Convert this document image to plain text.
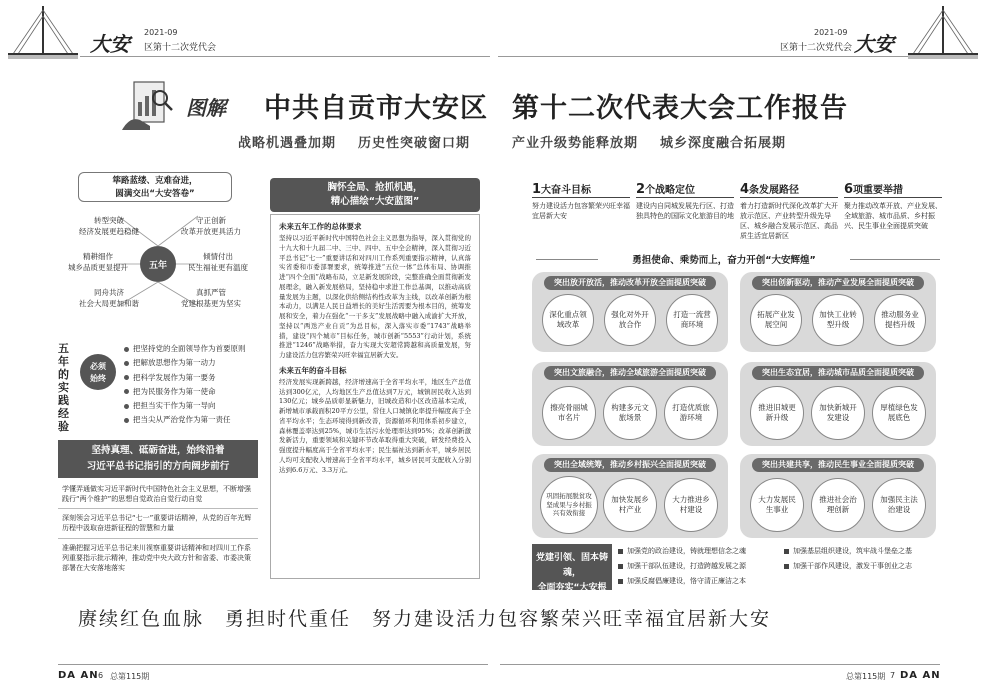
大安 2021-09
区第十二次党代会
2021-09
区第十二次党代会 大安
图解 中共自贡市大安区 第十二次代表大会工作报告
战略机遇叠加期 历史性突破窗口期	产业升级势能释放期 城乡深度融合拓展期
筚路蓝缕、克难奋进，
圆满交出“大安答卷”
五年
转型突破
经济发展更趋稳健
守正创新
改革开放更具活力
精耕细作
城乡品质更显提升
倾情付出
民生福祉更有温度
同舟共济
社会大局更加和谐
真抓严管
党建根基更为坚实
五年的实践经验
必须
始终
把坚持党的全面领导作为首要原则
把解放思想作为第一动力
把科学发展作为第一要务
把为民服务作为第一使命
把担当实干作为第一导向
把当尖从严治党作为第一责任
坚持真理、砥砺奋进，始终沿着
习近平总书记指引的方向阔步前行
学懂弄通做实习近平新时代中国特色社会主义思想，不断增强践行“两个维护”的思想自觉政治自觉行动自觉
深刻领会习近平总书记“七一”重要讲话精神，从党的百年光辉历程中汲取奋进新征程的智慧和力量
准确把握习近平总书记来川视察重要讲话精神和对四川工作系列重要指示批示精神，推动党中央大政方针和省委、市委决策部署在大安落地落实
胸怀全局、抢抓机遇，
精心描绘“大安蓝图”
未来五年工作的总体要求
坚持以习近平新时代中国特色社会主义思想为指导，深入贯彻党的十九大和十九届二中、三中、四中、五中全会精神，深入贯彻习近平总书记“七一”重要讲话和对四川工作系列重要指示精神，认真落实省委和市委部署要求，统筹推进“五位一体”总体布局、协调推进“四个全面”战略布局，立足新发展阶段，完整准确全面贯彻新发展理念，融入新发展格局，坚持稳中求进工作总基调，以推动高质量发展为主题，以深化供给侧结构性改革为主线，以改革创新为根本动力，以满足人民日益增长的美好生活需要为根本目的，统筹发展和安全，着力在强化“一干多支”发展战略中融入成渝扩大开放，坚持以“两迭产业自贡”为总目标，深入落实市委“1743”战略举措，建设“四个城市”目标任务，城市创新“5553”行动计划，系统推进“1246”战略举措，奋力实现大安超常跨越和高质量发展，努力建设活力包容繁荣兴旺幸福宜居新大安。
未来五年的奋斗目标
经济发展实现新跨越，经济增速高于全省平均水平，地区生产总值达到300亿元，人均地区生产总值达到7万元，城镇居民收入达到130亿元；城乡品质彰显新魅力，旧城改造和小区改造基本完成，新增城市承载面积20平方公里，常住人口城镇化率提升幅度高于全省平均水平；生态环境得到新改善，资源循环利用体系初步建立，森林覆盖率达到25%，城市生活污水处理率达到95%；改革创新激发新活力，重要领域和关键环节改革取得重大突破，研发经费投入强度提升幅度高于全省平均水平；民生福祉达到新水平，城乡居民人均可支配收入增速高于全省平均水平，城乡居民可支配收入分别达到6.6万元、3.3万元。
1大奋斗目标
努力建设活力包容繁荣兴旺幸福宜居新大安
2个战略定位
建设内自同城发展先行区、打造独具特色的国际文化旅游目的地
4条发展路径
着力打造新时代深化改革扩大开放示范区、产业转型升级先导区、城乡融合发展示范区、高品质生活宜居新区
6项重要举措
聚力推动改革开放、产业发展、全域旅游、城市品质、乡村振兴、民生事业全面提质突破
勇担使命、乘势而上，奋力开创“大安辉煌”
突出放开放活，推动改革开放全面提质突破
深化重点领域改革
强化对外开放合作
打造一流营商环境
突出创新驱动，推动产业发展全面提质突破
拓展产业发展空间
加快工业转型升级
推动服务业提档升级
突出文旅融合，推动全域旅游全面提质突破
擦亮骨丽城市名片
构建多元文旅场景
打造优质旅游环境
突出生态宜居，推动城市品质全面提质突破
推进旧城更新升级
加快新城开发建设
厚植绿色发展底色
突出全域统筹，推动乡村振兴全面提质突破
巩固拓展脱贫攻坚成果与乡村振兴有效衔接
加快发展乡村产业
大力推进乡村建设
突出共建共享，推动民生事业全面提质突破
大力发展民生事业
推进社会治理创新
加强民主法治建设
党建引领、固本铸魂，
全面夯实“大安根基”
加强党的政治建设，铸就理想信念之魂	加强基层组织建设，筑牢战斗堡垒之基
加强干部队伍建设，打造跨越发展之源	加强干部作风建设，激发干事创业之志
加强反腐倡廉建设，恪守清正廉洁之本
赓续红色血脉　勇担时代重任　努力建设活力包容繁荣兴旺幸福宜居新大安
DA AN 6 总第115期	总第115期 7 DA AN
